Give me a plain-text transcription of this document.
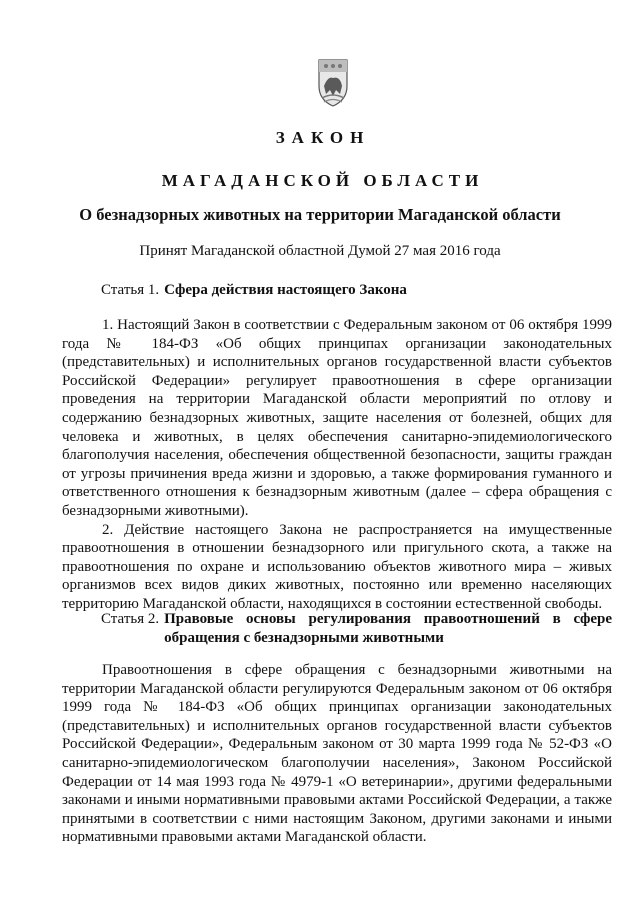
ЗАКОН
МАГАДАНСКОЙ ОБЛАСТИ
О безнадзорных животных на территории Магаданской области
Принят Магаданской областной Думой 27 мая 2016 года
Статья 1. Сфера действия настоящего Закона

1. Настоящий Закон в соответствии с Федеральным законом от 06 октября 1999 года № 184-ФЗ «Об общих принципах организации законодательных (представительных) и исполнительных органов государственной власти субъектов Российской Федерации» регулирует правоотношения в сфере организации проведения на территории Магаданской области мероприятий по отлову и содержанию безнадзорных животных, защите населения от болезней, общих для человека и животных, в целях обеспечения санитарно-эпидемиологического благополучия населения, обеспечения общественной безопасности, защиты граждан от угрозы причинения вреда жизни и здоровью, а также формирования гуманного и ответственного отношения к безнадзорным животным (далее – сфера обращения с безнадзорными животными).

2. Действие настоящего Закона не распространяется на имущественные правоотношения в отношении безнадзорного или пригульного скота, а также на правоотношения по охране и использованию объектов животного мира – живых организмов всех видов диких животных, постоянно или временно населяющих территорию Магаданской области, находящихся в состоянии естественной свободы.

Статья 2. Правовые основы регулирования правоотношений в сфере обращения с безнадзорными животными

Правоотношения в сфере обращения с безнадзорными животными на территории Магаданской области регулируются Федеральным законом от 06 октября 1999 года № 184-ФЗ «Об общих принципах организации законодательных (представительных) и исполнительных органов государственной власти субъектов Российской Федерации», Федеральным законом от 30 марта 1999 года № 52-ФЗ «О санитарно-эпидемиологическом благополучии населения», Законом Российской Федерации от 14 мая 1993 года № 4979-1 «О ветеринарии», другими федеральными законами и иными нормативными правовыми актами Российской Федерации, а также принятыми в соответствии с ними настоящим Законом, другими законами и иными нормативными правовыми актами Магаданской области.
